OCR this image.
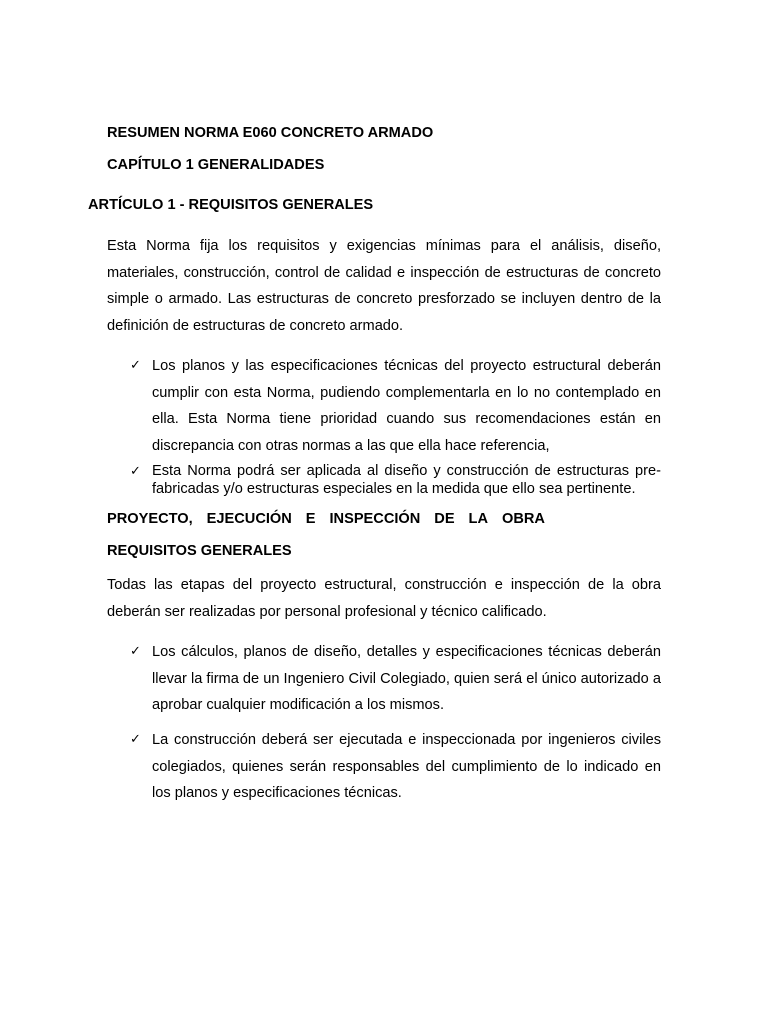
RESUMEN NORMA E060 CONCRETO ARMADO
CAPÍTULO 1 GENERALIDADES
ARTÍCULO 1 - REQUISITOS GENERALES

Esta Norma fija los requisitos y exigencias mínimas para el análisis, diseño, materiales, construcción, control de calidad e inspección de estructuras de concreto simple o armado. Las estructuras de concreto presforzado se incluyen dentro de la definición de estructuras de concreto armado.

✓ Los planos y las especificaciones técnicas del proyecto estructural deberán cumplir con esta Norma, pudiendo complementarla en lo no contemplado en ella. Esta Norma tiene prioridad cuando sus recomendaciones están en discrepancia con otras normas a las que ella hace referencia,

✓ Esta Norma podrá ser aplicada al diseño y construcción de estructuras pre-fabricadas y/o estructuras especiales en la medida que ello sea pertinente.

PROYECTO, EJECUCIÓN E INSPECCIÓN DE LA OBRA
REQUISITOS GENERALES

Todas las etapas del proyecto estructural, construcción e inspección de la obra deberán ser realizadas por personal profesional y técnico calificado.

✓ Los cálculos, planos de diseño, detalles y especificaciones técnicas deberán llevar la firma de un Ingeniero Civil Colegiado, quien será el único autorizado a aprobar cualquier modificación a los mismos.

✓ La construcción deberá ser ejecutada e inspeccionada por ingenieros civiles colegiados, quienes serán responsables del cumplimiento de lo indicado en los planos y especificaciones técnicas.
